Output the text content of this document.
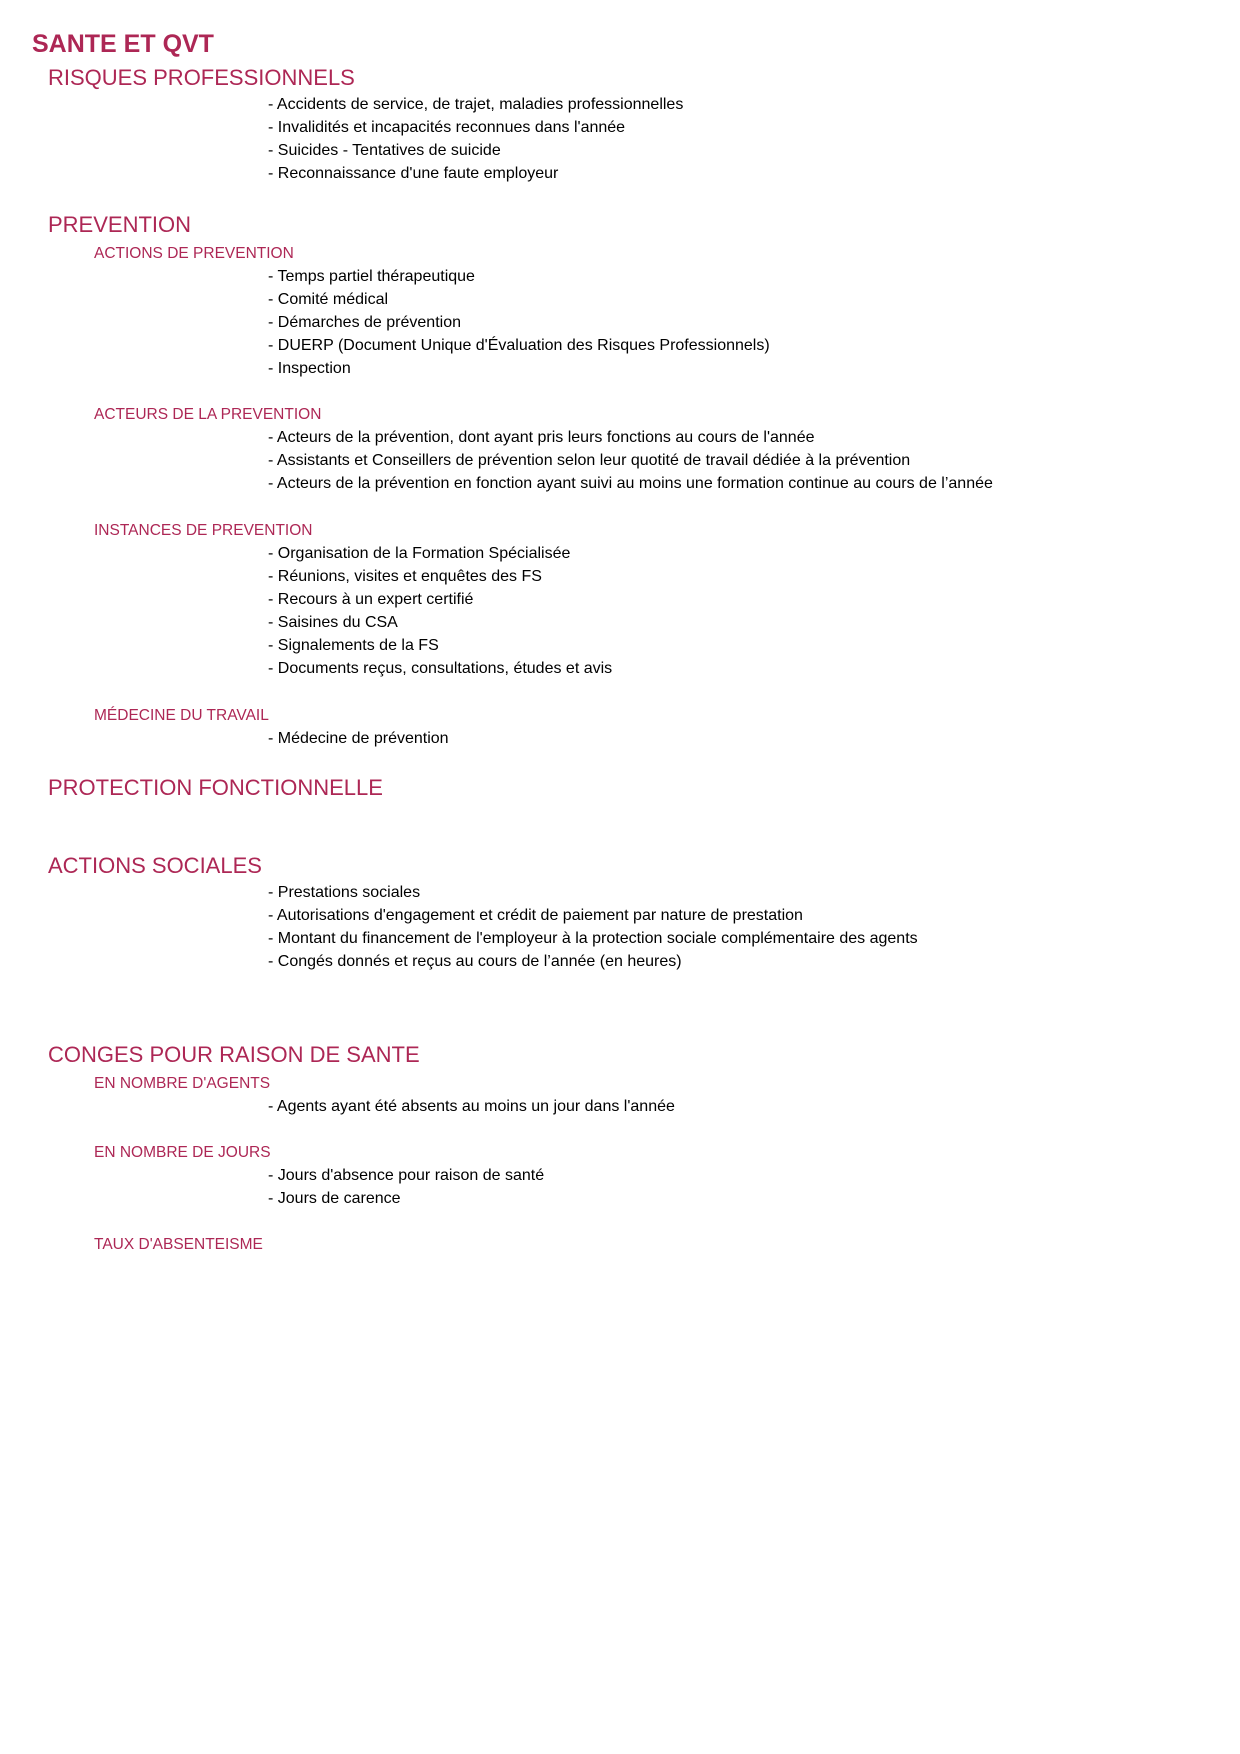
SANTE ET QVT
RISQUES PROFESSIONNELS
- Accidents de service, de trajet, maladies professionnelles
- Invalidités et incapacités reconnues dans l'année
- Suicides - Tentatives de suicide
- Reconnaissance d'une faute employeur
PREVENTION
ACTIONS DE PREVENTION
- Temps partiel thérapeutique
- Comité médical
- Démarches de prévention
- DUERP (Document Unique d'Évaluation des Risques Professionnels)
- Inspection
ACTEURS DE LA PREVENTION
- Acteurs de la prévention, dont ayant pris leurs fonctions au cours de l'année
- Assistants et Conseillers de prévention selon leur quotité de travail dédiée à la prévention
- Acteurs de la prévention en fonction ayant suivi au moins une formation continue au cours de l’année
INSTANCES DE PREVENTION
- Organisation de la Formation Spécialisée
- Réunions, visites et enquêtes des FS
- Recours à un expert certifié
- Saisines du CSA
- Signalements de la FS
- Documents reçus, consultations, études et avis
MÉDECINE DU TRAVAIL
- Médecine de prévention
PROTECTION FONCTIONNELLE
ACTIONS SOCIALES
- Prestations sociales
- Autorisations d'engagement et crédit de paiement par nature de prestation
- Montant du financement de l'employeur à la protection sociale complémentaire des agents
- Congés donnés et reçus au cours de l’année (en heures)
CONGES POUR RAISON DE SANTE
EN NOMBRE D'AGENTS
- Agents ayant été absents au moins un jour dans l'année
EN NOMBRE DE JOURS
- Jours d'absence pour raison de santé
- Jours de carence
TAUX D'ABSENTEISME
